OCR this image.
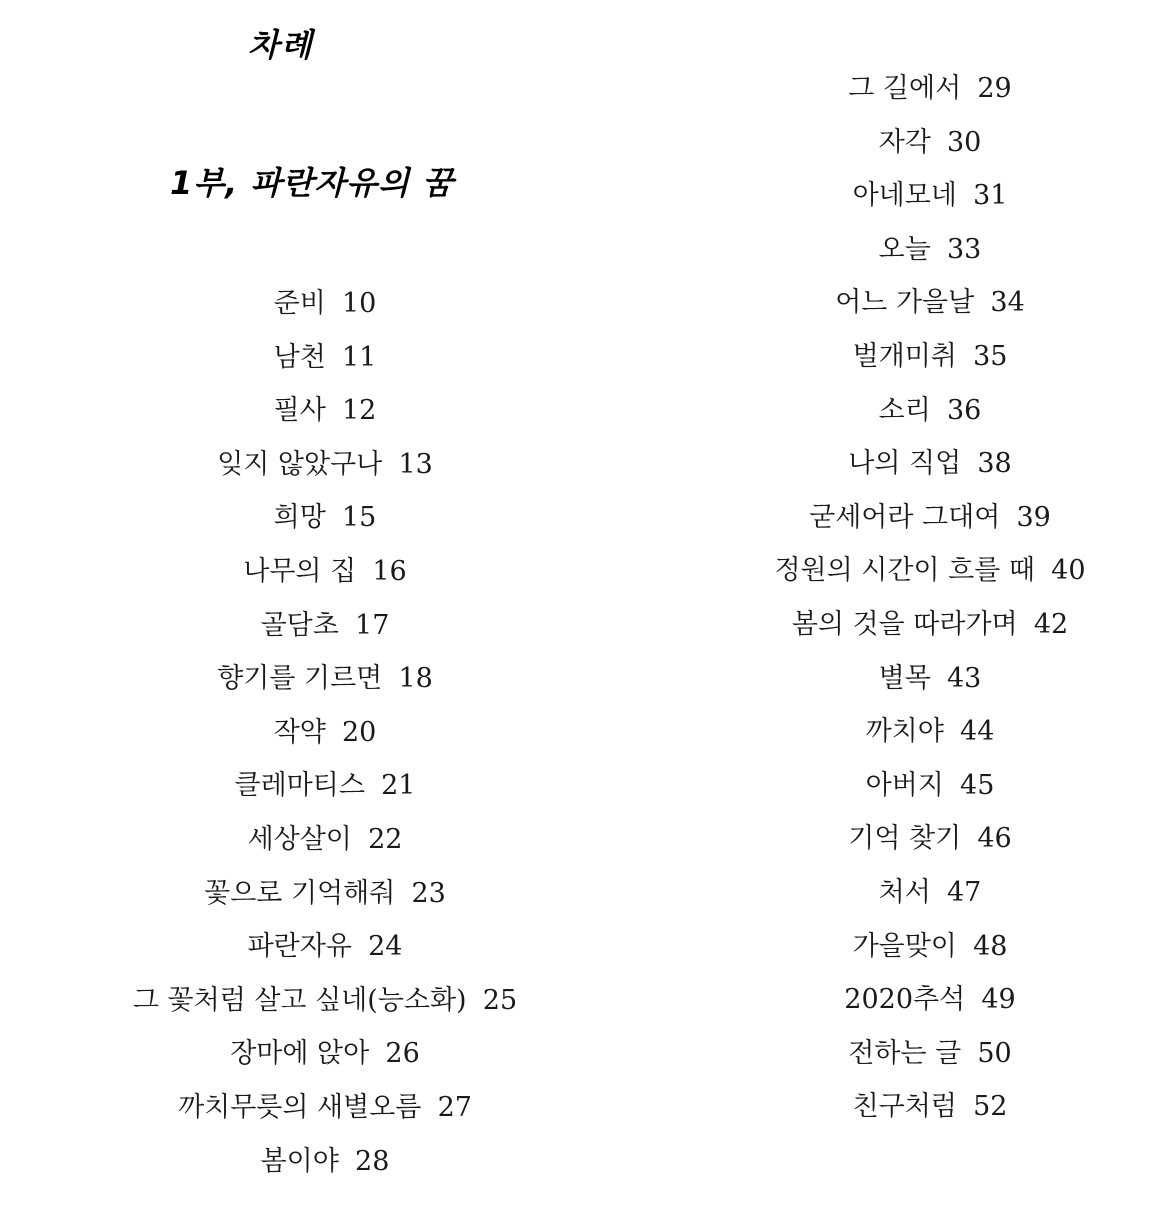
차례
1부, 파란자유의 꿈
준비 10
남천 11
필사 12
잊지 않았구나 13
희망 15
나무의 집 16
골담초 17
향기를 기르면 18
작약 20
클레마티스 21
세상살이 22
꽃으로 기억해줘 23
파란자유 24
그 꽃처럼 살고 싶네(능소화) 25
장마에 앉아 26
까치무릇의 새별오름 27
봄이야 28
그 길에서 29
자각 30
아네모네 31
오늘 33
어느 가을날 34
벌개미취 35
소리 36
나의 직업 38
굳세어라 그대여 39
정원의 시간이 흐를 때 40
봄의 것을 따라가며 42
별목 43
까치야 44
아버지 45
기억 찾기 46
처서 47
가을맞이 48
2020추석 49
전하는 글 50
친구처럼 52
